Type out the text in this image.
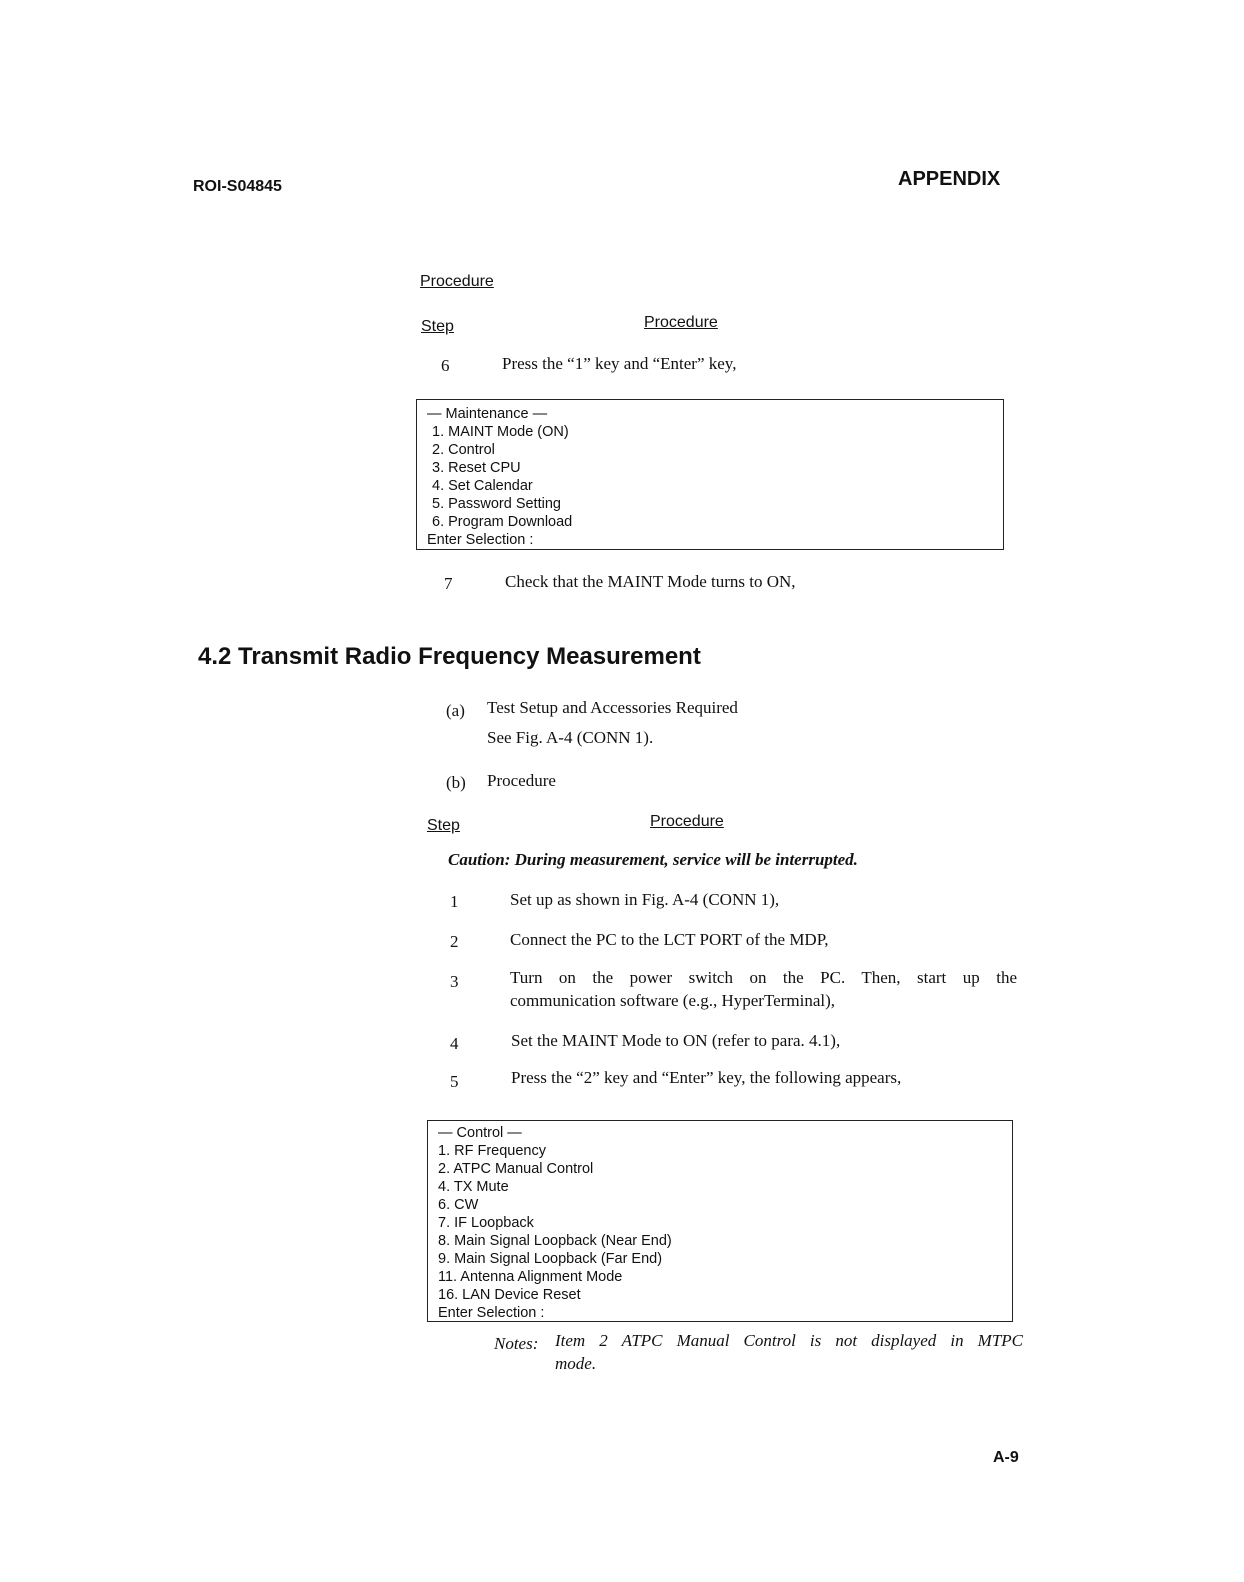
ROI-S04845	APPENDIX
Procedure
Step	Procedure
6	Press the “1” key and “Enter” key,
— Maintenance —
1. MAINT Mode (ON)
2. Control
3. Reset CPU
4. Set Calendar
5. Password Setting
6. Program Download
Enter Selection :
7	Check that the MAINT Mode turns to ON,
4.2 Transmit Radio Frequency Measurement
(a) Test Setup and Accessories Required
See Fig. A-4 (CONN 1).
(b) Procedure
Step	Procedure
Caution: During measurement, service will be interrupted.
1	Set up as shown in Fig. A-4 (CONN 1),
2	Connect the PC to the LCT PORT of the MDP,
3	Turn on the power switch on the PC. Then, start up the
communication software (e.g., HyperTerminal),
4	Set the MAINT Mode to ON (refer to para. 4.1),
5	Press the “2” key and “Enter” key, the following appears,
— Control —
1. RF Frequency
2. ATPC Manual Control
4. TX Mute
6. CW
7. IF Loopback
8. Main Signal Loopback (Near End)
9. Main Signal Loopback (Far End)
11. Antenna Alignment Mode
16. LAN Device Reset
Enter Selection :
Notes: Item 2 ATPC Manual Control is not displayed in MTPC
mode.
A-9
